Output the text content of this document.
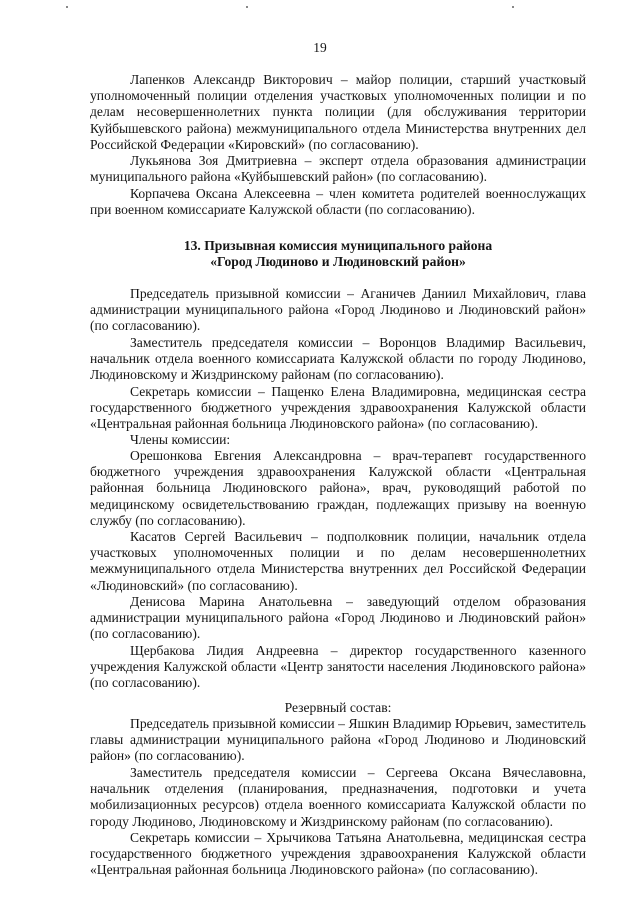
19

Лапенков Александр Викторович – майор полиции, старший участковый уполномоченный полиции отделения участковых уполномоченных полиции и по делам несовершеннолетних пункта полиции (для обслуживания территории Куйбышевского района) межмуниципального отдела Министерства внутренних дел Российской Федерации «Кировский» (по согласованию).

Лукьянова Зоя Дмитриевна – эксперт отдела образования администрации муниципального района «Куйбышевский район» (по согласованию).

Корпачева Оксана Алексеевна – член комитета родителей военнослужащих при военном комиссариате Калужской области (по согласованию).

13. Призывная комиссия муниципального района

«Город Людиново и Людиновский район»

Председатель призывной комиссии – Аганичев Даниил Михайлович, глава администрации муниципального района «Город Людиново и Людиновский район» (по согласованию).

Заместитель председателя комиссии – Воронцов Владимир Васильевич, начальник отдела военного комиссариата Калужской области по городу Людиново, Людиновскому и Жиздринскому районам (по согласованию).

Секретарь комиссии – Пащенко Елена Владимировна, медицинская сестра государственного бюджетного учреждения здравоохранения Калужской области «Центральная районная больница Людиновского района» (по согласованию).

Члены комиссии:

Орешонкова Евгения Александровна – врач-терапевт государственного бюджетного учреждения здравоохранения Калужской области «Центральная районная больница Людиновского района», врач, руководящий работой по медицинскому освидетельствованию граждан, подлежащих призыву на военную службу (по согласованию).

Касатов Сергей Васильевич – подполковник полиции, начальник отдела участковых уполномоченных полиции и по делам несовершеннолетних межмуниципального отдела Министерства внутренних дел Российской Федерации «Людиновский» (по согласованию).

Денисова Марина Анатольевна – заведующий отделом образования администрации муниципального района «Город Людиново и Людиновский район» (по согласованию).

Щербакова Лидия Андреевна – директор государственного казенного учреждения Калужской области «Центр занятости населения Людиновского района» (по согласованию).

Резервный состав:

Председатель призывной комиссии – Яшкин Владимир Юрьевич, заместитель главы администрации муниципального района «Город Людиново и Людиновский район» (по согласованию).

Заместитель председателя комиссии – Сергеева Оксана Вячеславовна, начальник отделения (планирования, предназначения, подготовки и учета мобилизационных ресурсов) отдела военного комиссариата Калужской области по городу Людиново, Людиновскому и Жиздринскому районам (по согласованию).

Секретарь комиссии – Хрычикова Татьяна Анатольевна, медицинская сестра государственного бюджетного учреждения здравоохранения Калужской области «Центральная районная больница Людиновского района» (по согласованию).
